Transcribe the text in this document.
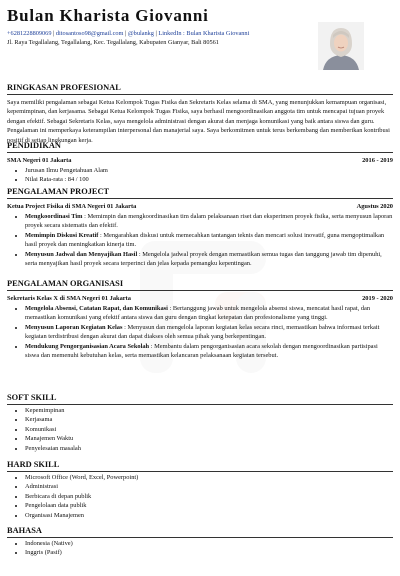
Bulan Kharista Giovanni
+6281228809069 | ditosantoso98@gmail.com | @bulankg | LinkedIn : Bulan Kharista Giovanni
Jl. Raya Tegallalang, Tegallalang, Kec. Tegallalang, Kabupaten Gianyar, Bali 80561
RINGKASAN PROFESIONAL
Saya memiliki pengalaman sebagai Ketua Kelompok Tugas Fisika dan Sekretaris Kelas selama di SMA, yang menunjukkan kemampuan organisasi, kepemimpinan, dan kerjasama. Sebagai Ketua Kelompok Tugas Fisika, saya berhasil mengoordinasikan anggota tim untuk mencapai tujuan proyek dengan efektif. Sebagai Sekretaris Kelas, saya mengelola administrasi dengan akurat dan menjaga komunikasi yang baik antara siswa dan guru. Pengalaman ini memperkaya keterampilan interpersonal dan manajerial saya. Saya berkomitmen untuk terus berkembang dan memberikan kontribusi positif di setiap lingkungan kerja.
PENDIDIKAN
SMA Negeri 01 Jakarta	2016 - 2019
• Jurusan Ilmu Pengetahuan Alam
• Nilai Rata-rata : 84 / 100
PENGALAMAN PROJECT
Ketua Project Fisika di SMA Negeri 01 Jakarta	Agustus 2020
• Mengkoordinasi Tim : Memimpin dan mengkoordinasikan tim dalam pelaksanaan riset dan eksperimen proyek fisika, serta menyusun laporan proyek secara sistematis dan efektif.
• Memimpin Diskusi Kreatif : Mengarahkan diskusi untuk memecahkan tantangan teknis dan mencari solusi inovatif, guna mengoptimalkan hasil proyek dan meningkatkan kinerja tim.
• Menyusun Jadwal dan Menyajikan Hasil : Mengelola jadwal proyek dengan memastikan semua tugas dan tanggung jawab tim dipenuhi, serta menyajikan hasil proyek secara terperinci dan jelas kepada pemangku kepentingan.
PENGALAMAN ORGANISASI
Sekretaris Kelas X di SMA Negeri 01 Jakarta	2019 - 2020
• Mengelola Absensi, Catatan Rapat, dan Komunikasi : Bertanggung jawab untuk mengelola absensi siswa, mencatat hasil rapat, dan memastikan komunikasi yang efektif antara siswa dan guru dengan tingkat ketepatan dan profesionalisme yang tinggi.
• Menyusun Laporan Kegiatan Kelas : Menyusun dan mengelola laporan kegiatan kelas secara rinci, memastikan bahwa informasi terkait kegiatan terdistribusi dengan akurat dan dapat diakses oleh semua pihak yang berkepentingan.
• Mendukung Pengorganisasian Acara Sekolah : Membantu dalam pengorganisasian acara sekolah dengan mengoordinasikan partisipasi siswa dan memenuhi kebutuhan kelas, serta memastikan kelancaran pelaksanaan kegiatan tersebut.
SOFT SKILL
• Kepemimpinan
• Kerjasama
• Komunikasi
• Manajemen Waktu
• Penyelesaian masalah
HARD SKILL
• Microsoft Office (Word, Excel, Powerpoint)
• Administrasi
• Berbicara di depan publik
• Pengelolaan data publik
• Organisasi Manajemen
BAHASA
• Indonesia (Native)
• Inggris (Pasif)
